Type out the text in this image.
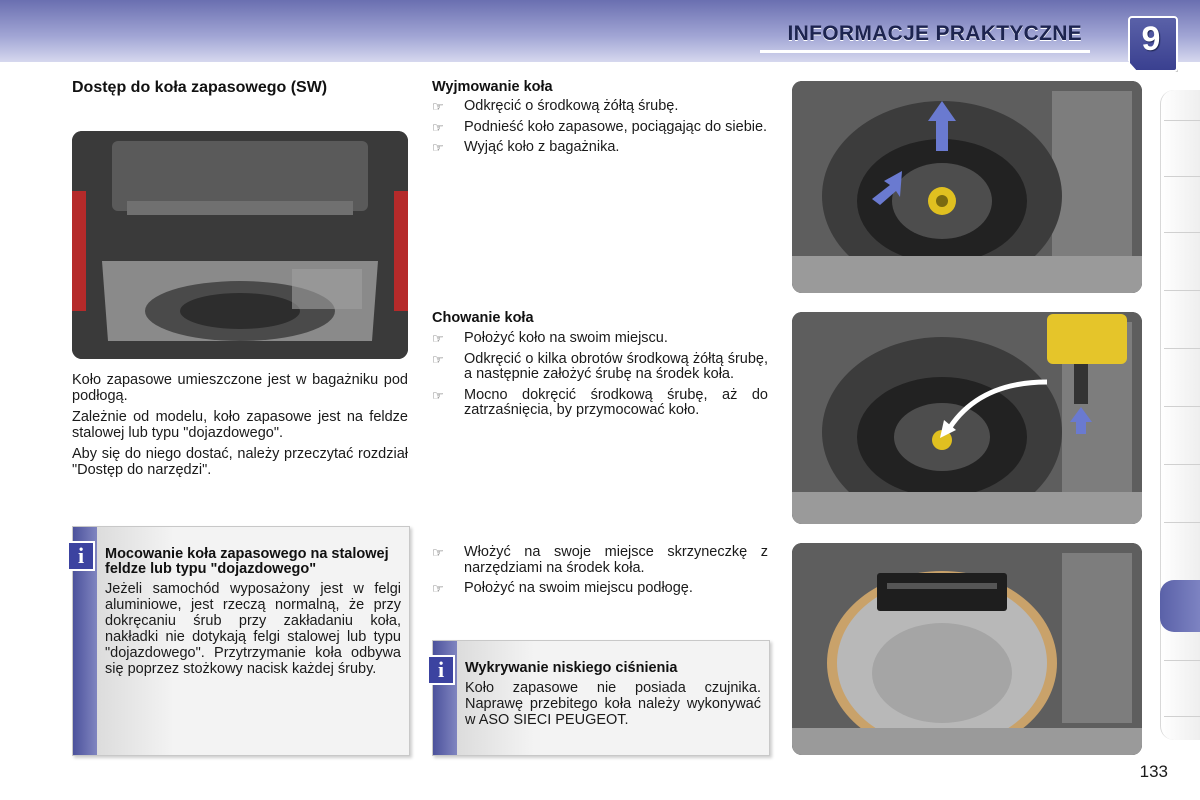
INFORMACJE PRAKTYCZNE	9
Dostęp do koła zapasowego (SW)

Koło zapasowe umieszczone jest w bagażniku pod podłogą.

Zależnie od modelu, koło zapasowe jest na feldze stalowej lub typu "dojazdowego".

Aby się do niego dostać, należy przeczytać rozdział "Dostęp do narzędzi".

i	Mocowanie koła zapasowego na stalowej feldze lub typu "dojazdowego"
Jeżeli samochód wyposażony jest w felgi aluminiowe, jest rzeczą normalną, że przy dokręcaniu śrub przy zakładaniu koła, nakładki nie dotykają felgi stalowej lub typu "dojazdowego". Przytrzymanie koła odbywa się poprzez stożkowy nacisk każdej śruby.
Wyjmowanie koła
☞ Odkręcić o środkową żółtą śrubę.
☞ Podnieść koło zapasowe, pociągając do siebie.
☞ Wyjąć koło z bagażnika.
Chowanie koła
☞ Położyć koło na swoim miejscu.
☞ Odkręcić o kilka obrotów środkową żółtą śrubę, a następnie założyć śrubę na środek koła.
☞ Mocno dokręcić środkową śrubę, aż do zatrzaśnięcia, by przymocować koło.
☞ Włożyć na swoje miejsce skrzyneczkę z narzędziami na środek koła.
☞ Położyć na swoim miejscu podłogę.
i	Wykrywanie niskiego ciśnienia
Koło zapasowe nie posiada czujnika. Naprawę przebitego koła należy wykonywać w ASO SIECI PEUGEOT.
133
